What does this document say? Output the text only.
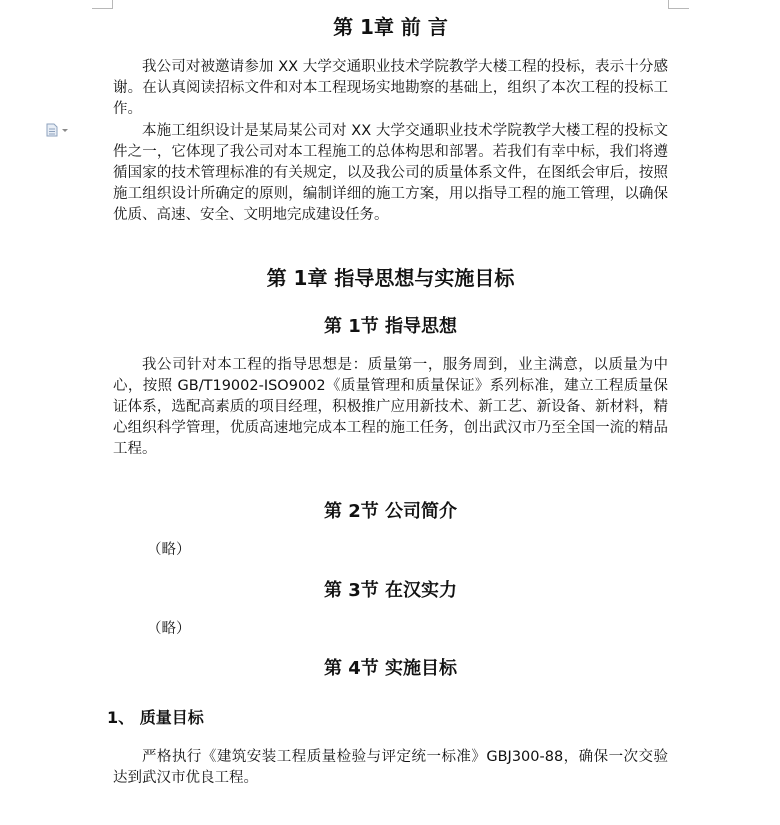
第 1章 前 言

我公司对被邀请参加 XX 大学交通职业技术学院教学大楼工程的投标，表示十分感谢。在认真阅读招标文件和对本工程现场实地勘察的基础上，组织了本次工程的投标工作。

本施工组织设计是某局某公司对 XX 大学交通职业技术学院教学大楼工程的投标文件之一，它体现了我公司对本工程施工的总体构思和部署。若我们有幸中标，我们将遵循国家的技术管理标准的有关规定，以及我公司的质量体系文件，在图纸会审后，按照施工组织设计所确定的原则，编制详细的施工方案，用以指导工程的施工管理，以确保优质、高速、安全、文明地完成建设任务。

第 1章 指导思想与实施目标
第 1节 指导思想

我公司针对本工程的指导思想是：质量第一，服务周到，业主满意，以质量为中心，按照 GB/T19002-ISO9002《质量管理和质量保证》系列标准，建立工程质量保证体系，选配高素质的项目经理，积极推广应用新技术、新工艺、新设备、新材料，精心组织科学管理，优质高速地完成本工程的施工任务，创出武汉市乃至全国一流的精品工程。

第 2节 公司简介
（略）
第 3节 在汉实力
（略）
第 4节 实施目标
1、 质量目标

严格执行《建筑安装工程质量检验与评定统一标准》GBJ300-88，确保一次交验达到武汉市优良工程。
